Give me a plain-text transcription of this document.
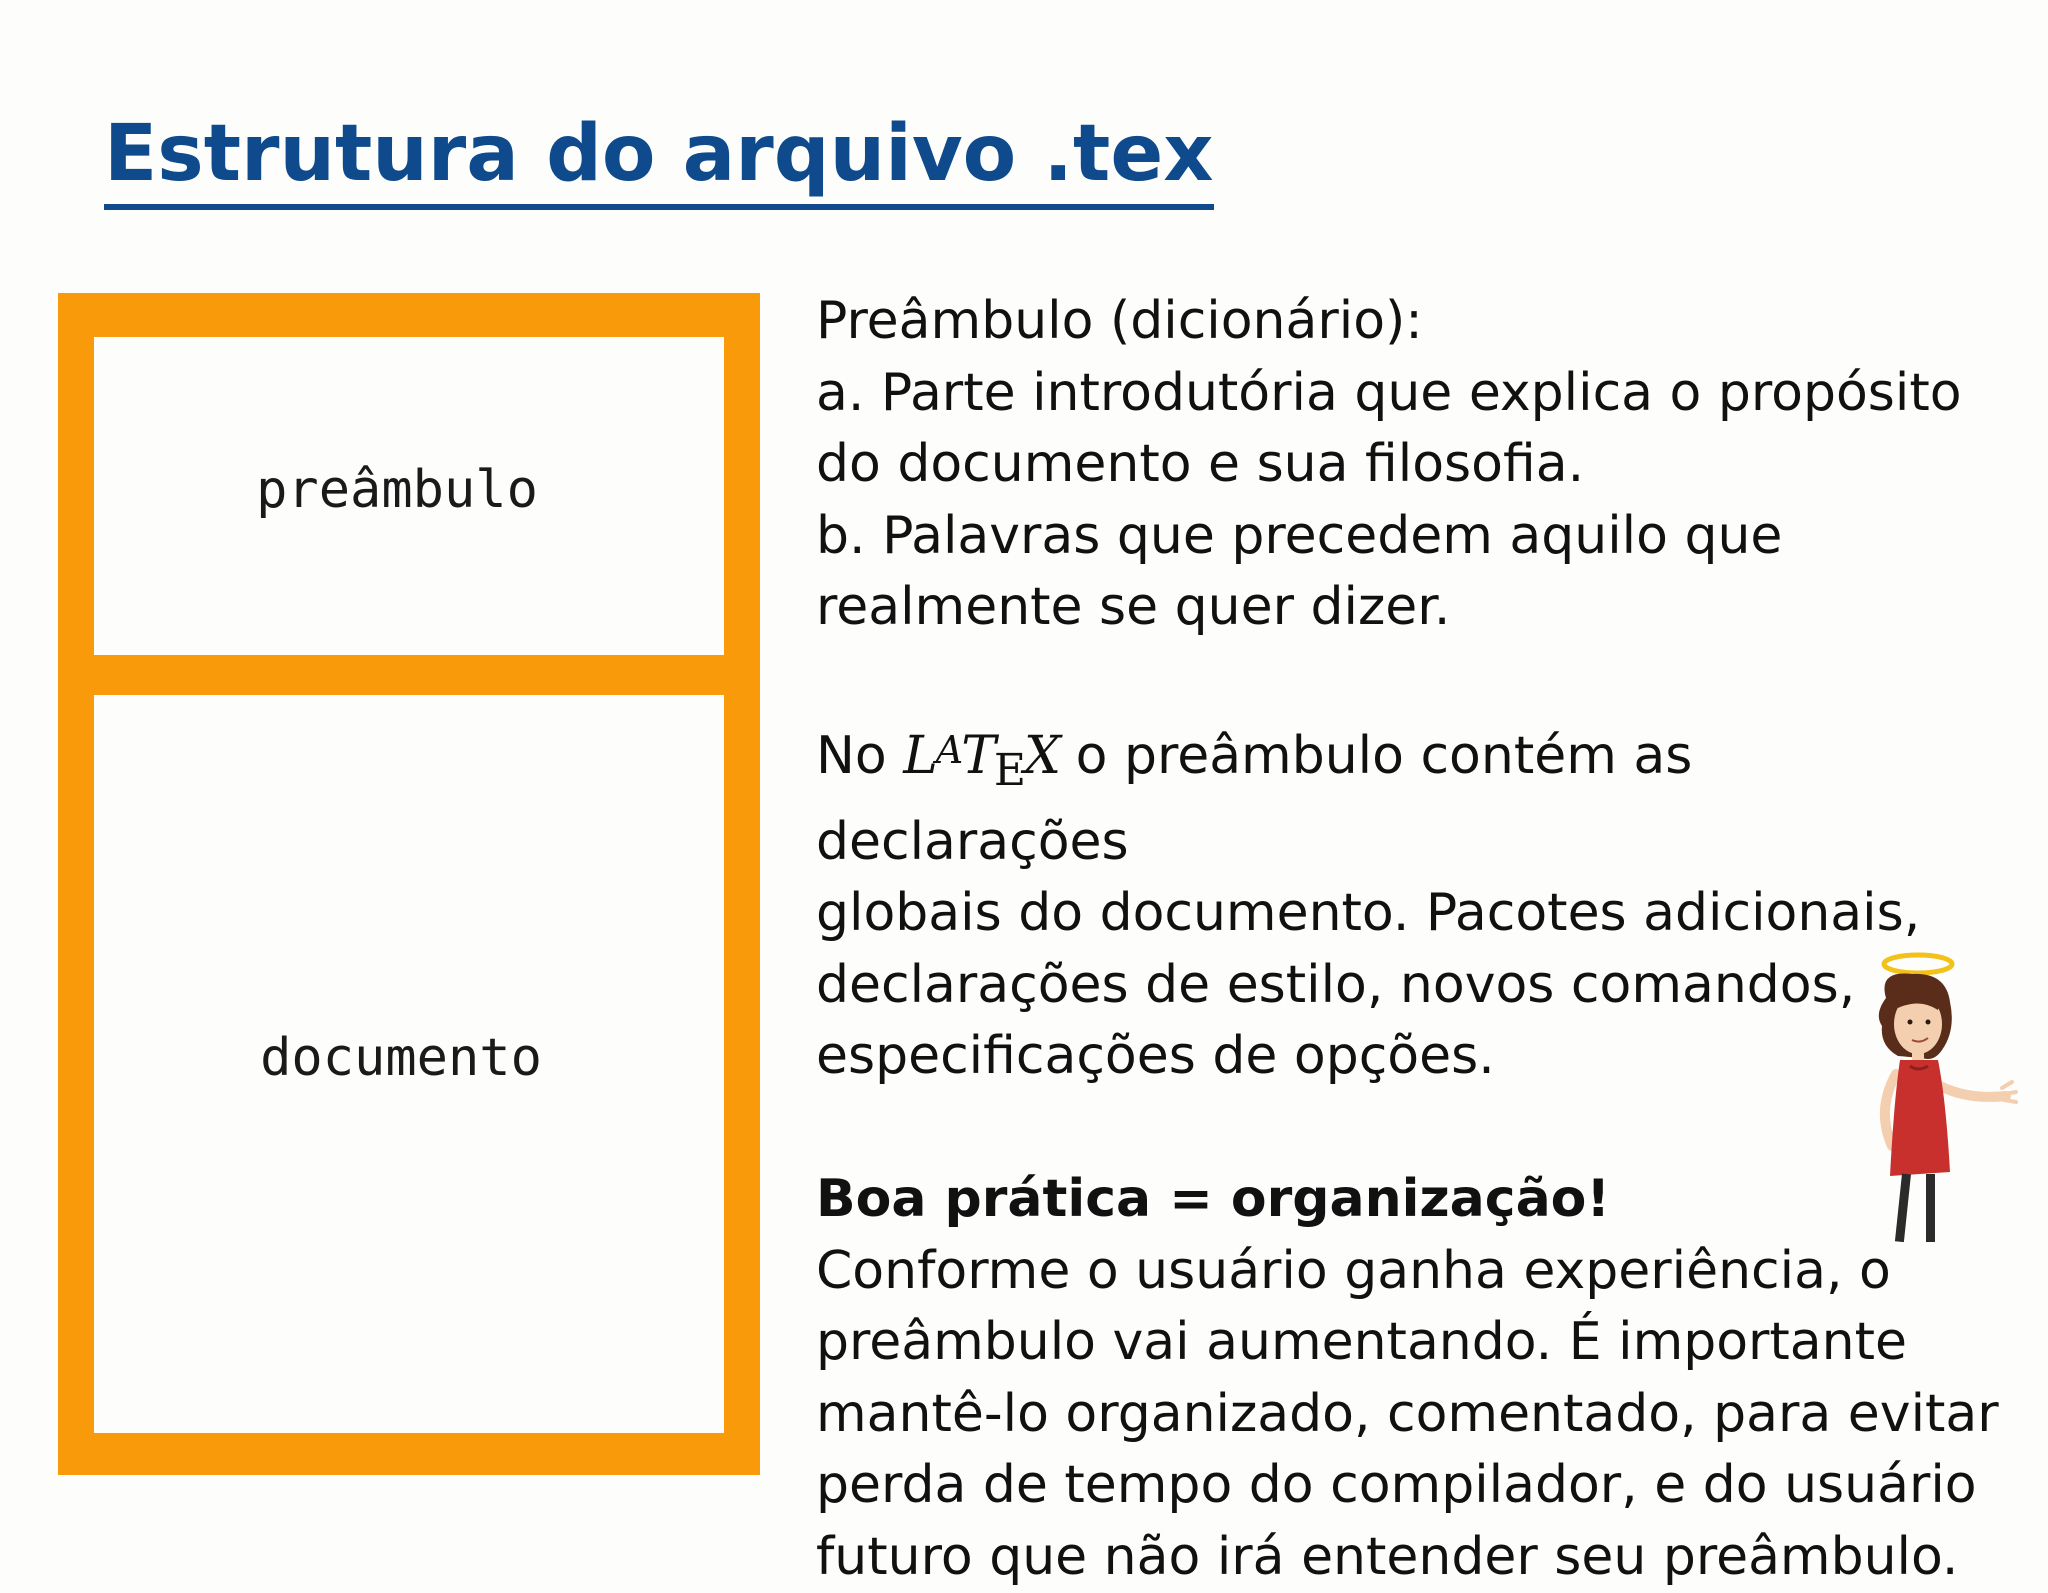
Estrutura do arquivo .tex
preâmbulo
documento

Preâmbulo (dicionário):

a. Parte introdutória que explica o propósito

do documento e sua filosofia.

b. Palavras que precedem aquilo que

realmente se quer dizer.

No $LAT_EX$ o preâmbulo contém as declarações

globais do documento. Pacotes adicionais,

declarações de estilo, novos comandos,

especificações de opções.

Boa prática = organização!

Conforme o usuário ganha experiência, o

preâmbulo vai aumentando. É importante

mantê-lo organizado, comentado, para evitar

perda de tempo do compilador, e do usuário

futuro que não irá entender seu preâmbulo.
